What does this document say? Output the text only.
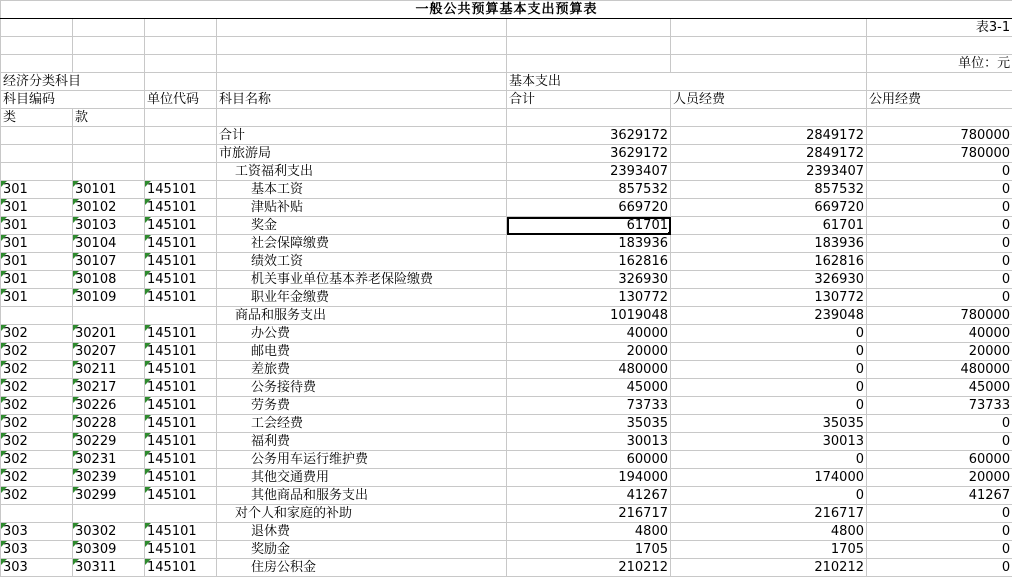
一般公共预算基本支出预算表						
						表3-1

						单位：元
经济分类科目				基本支出		
科目编码		单位代码	科目名称	合计	人员经费	公用经费
类	款					
			合计	3629172	2849172	780000
			市旅游局	3629172	2849172	780000
			工资福利支出	2393407	2393407	0
301	30101	145101	基本工资	857532	857532	0
301	30102	145101	津贴补贴	669720	669720	0
301	30103	145101	奖金	61701	61701	0
301	30104	145101	社会保障缴费	183936	183936	0
301	30107	145101	绩效工资	162816	162816	0
301	30108	145101	机关事业单位基本养老保险缴费	326930	326930	0
301	30109	145101	职业年金缴费	130772	130772	0
			商品和服务支出	1019048	239048	780000
302	30201	145101	办公费	40000	0	40000
302	30207	145101	邮电费	20000	0	20000
302	30211	145101	差旅费	480000	0	480000
302	30217	145101	公务接待费	45000	0	45000
302	30226	145101	劳务费	73733	0	73733
302	30228	145101	工会经费	35035	35035	0
302	30229	145101	福利费	30013	30013	0
302	30231	145101	公务用车运行维护费	60000	0	60000
302	30239	145101	其他交通费用	194000	174000	20000
302	30299	145101	其他商品和服务支出	41267	0	41267
			对个人和家庭的补助	216717	216717	0
303	30302	145101	退休费	4800	4800	0
303	30309	145101	奖励金	1705	1705	0
303	30311	145101	住房公积金	210212	210212	0
